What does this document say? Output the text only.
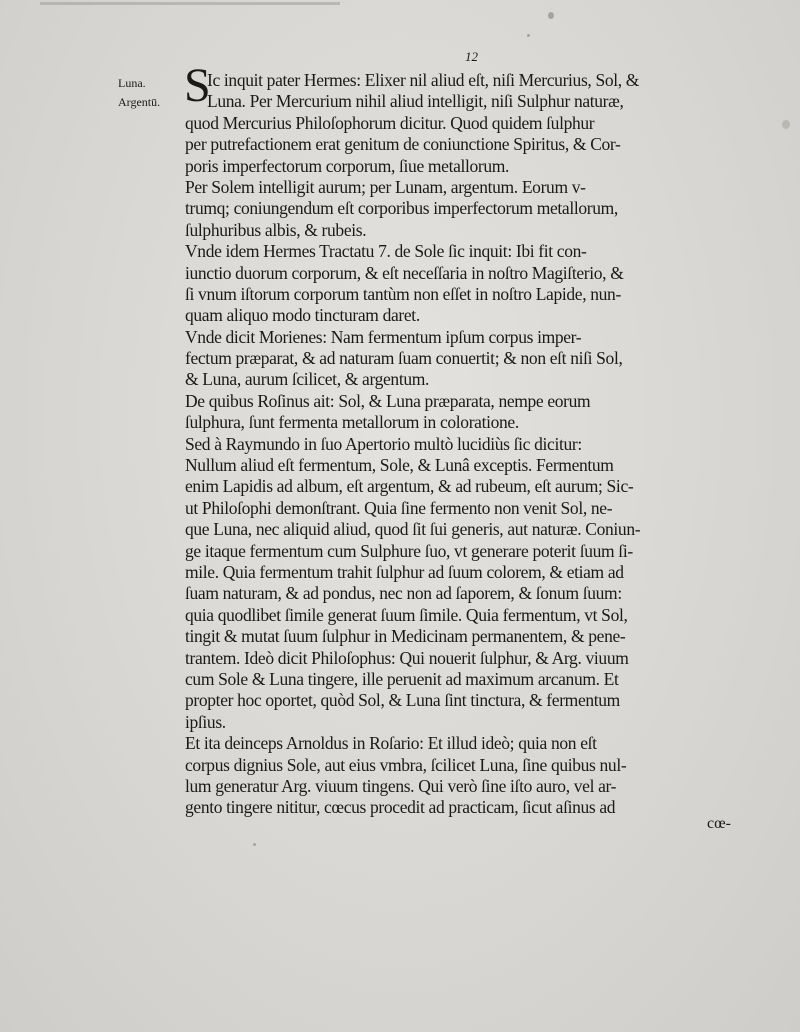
12
Luna.
Argentū. S
Ic inquit pater Hermes: Elixer nil aliud eſt, niſi Mercurius, Sol, &
Luna. Per Mercurium nihil aliud intelligit, niſi Sulphur naturæ,
quod Mercurius Philoſophorum dicitur. Quod quidem ſulphur
per putrefactionem erat genitum de coniunctione Spiritus, & Cor-
poris imperfectorum corporum, ſiue metallorum.
Per Solem intelligit aurum; per Lunam, argentum. Eorum v-
trumq; coniungendum eſt corporibus imperfectorum metallorum,
ſulphuribus albis, & rubeis.
Vnde idem Hermes Tractatu 7. de Sole ſic inquit: Ibi fit con-
iunctio duorum corporum, & eſt neceſſaria in noſtro Magiſterio, &
ſi vnum iſtorum corporum tantùm non eſſet in noſtro Lapide, nun-
quam aliquo modo tincturam daret.
Vnde dicit Morienes: Nam fermentum ipſum corpus imper-
fectum præparat, & ad naturam ſuam conuertit; & non eſt niſi Sol,
& Luna, aurum ſcilicet, & argentum.
De quibus Roſinus ait: Sol, & Luna præparata, nempe eorum
ſulphura, ſunt fermenta metallorum in coloratione.
Sed à Raymundo in ſuo Apertorio multò lucidiùs ſic dicitur:
Nullum aliud eſt fermentum, Sole, & Lunâ exceptis. Fermentum
enim Lapidis ad album, eſt argentum, & ad rubeum, eſt aurum; Sic-
ut Philoſophi demonſtrant. Quia ſine fermento non venit Sol, ne-
que Luna, nec aliquid aliud, quod ſit ſui generis, aut naturæ. Coniun-
ge itaque fermentum cum Sulphure ſuo, vt generare poterit ſuum ſi-
mile. Quia fermentum trahit ſulphur ad ſuum colorem, & etiam ad
ſuam naturam, & ad pondus, nec non ad ſaporem, & ſonum ſuum:
quia quodlibet ſimile generat ſuum ſimile. Quia fermentum, vt Sol,
tingit & mutat ſuum ſulphur in Medicinam permanentem, & pene-
trantem. Ideò dicit Philoſophus: Qui nouerit ſulphur, & Arg. viuum
cum Sole & Luna tingere, ille peruenit ad maximum arcanum. Et
propter hoc oportet, quòd Sol, & Luna ſint tinctura, & fermentum
ipſius.
Et ita deinceps Arnoldus in Roſario: Et illud ideò; quia non eſt
corpus dignius Sole, aut eius vmbra, ſcilicet Luna, ſine quibus nul-
lum generatur Arg. viuum tingens. Qui verò ſine iſto auro, vel ar-
gento tingere nititur, cœcus procedit ad practicam, ſicut aſinus ad
cœ-
